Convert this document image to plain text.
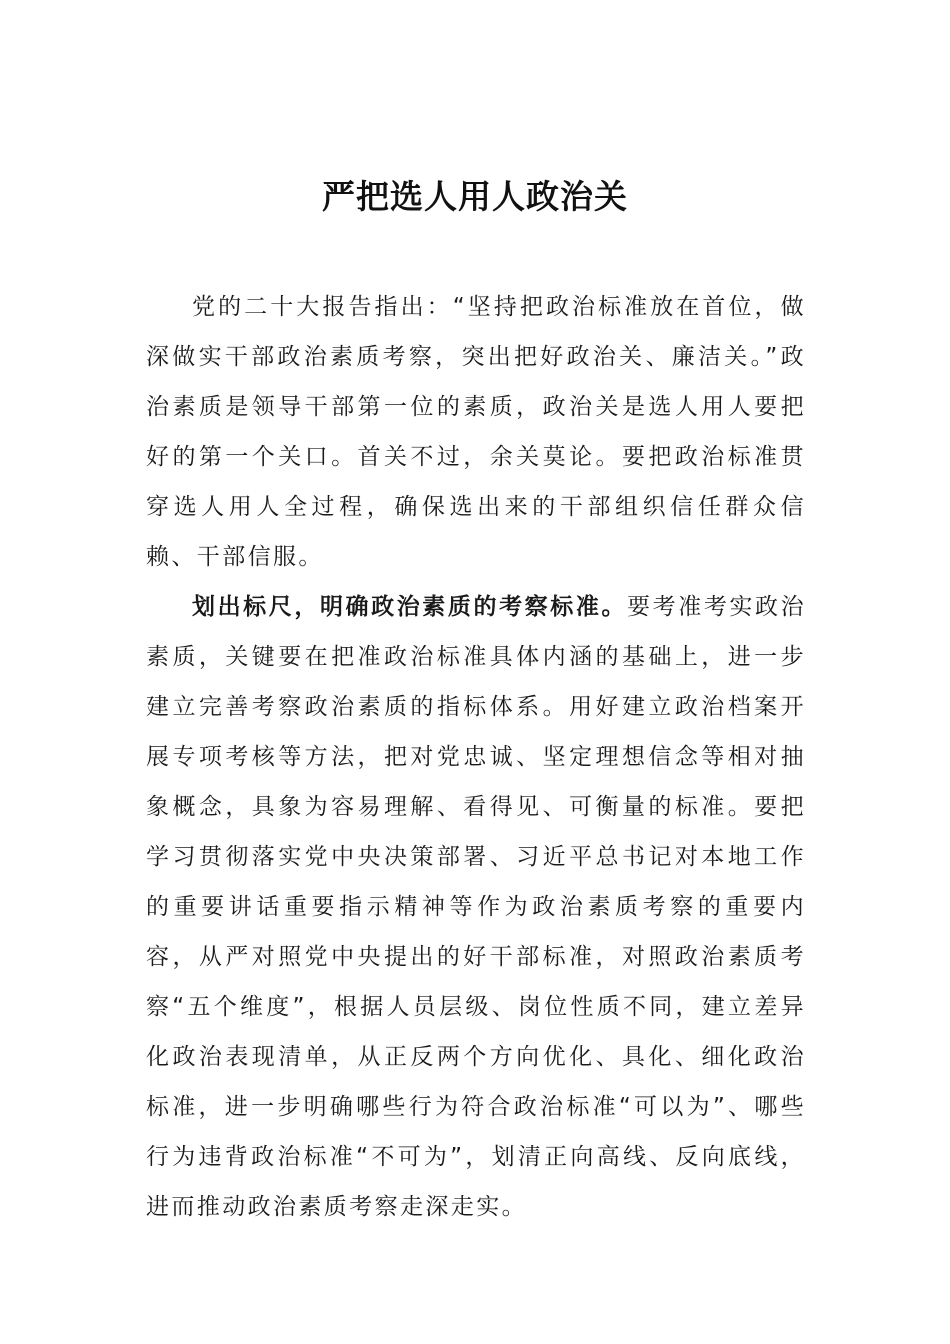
严把选人用人政治关

党的二十大报告指出：“坚持把政治标准放在首位，做深做实干部政治素质考察，突出把好政治关、廉洁关。”政治素质是领导干部第一位的素质，政治关是选人用人要把好的第一个关口。首关不过，余关莫论。要把政治标准贯穿选人用人全过程，确保选出来的干部组织信任群众信赖、干部信服。

划出标尺，明确政治素质的考察标准。要考准考实政治素质，关键要在把准政治标准具体内涵的基础上，进一步建立完善考察政治素质的指标体系。用好建立政治档案开展专项考核等方法，把对党忠诚、坚定理想信念等相对抽象概念，具象为容易理解、看得见、可衡量的标准。要把学习贯彻落实党中央决策部署、习近平总书记对本地工作的重要讲话重要指示精神等作为政治素质考察的重要内容，从严对照党中央提出的好干部标准，对照政治素质考察“五个维度”，根据人员层级、岗位性质不同，建立差异化政治表现清单，从正反两个方向优化、具化、细化政治标准，进一步明确哪些行为符合政治标准“可以为”、哪些行为违背政治标准“不可为”，划清正向高线、反向底线，进而推动政治素质考察走深走实。
